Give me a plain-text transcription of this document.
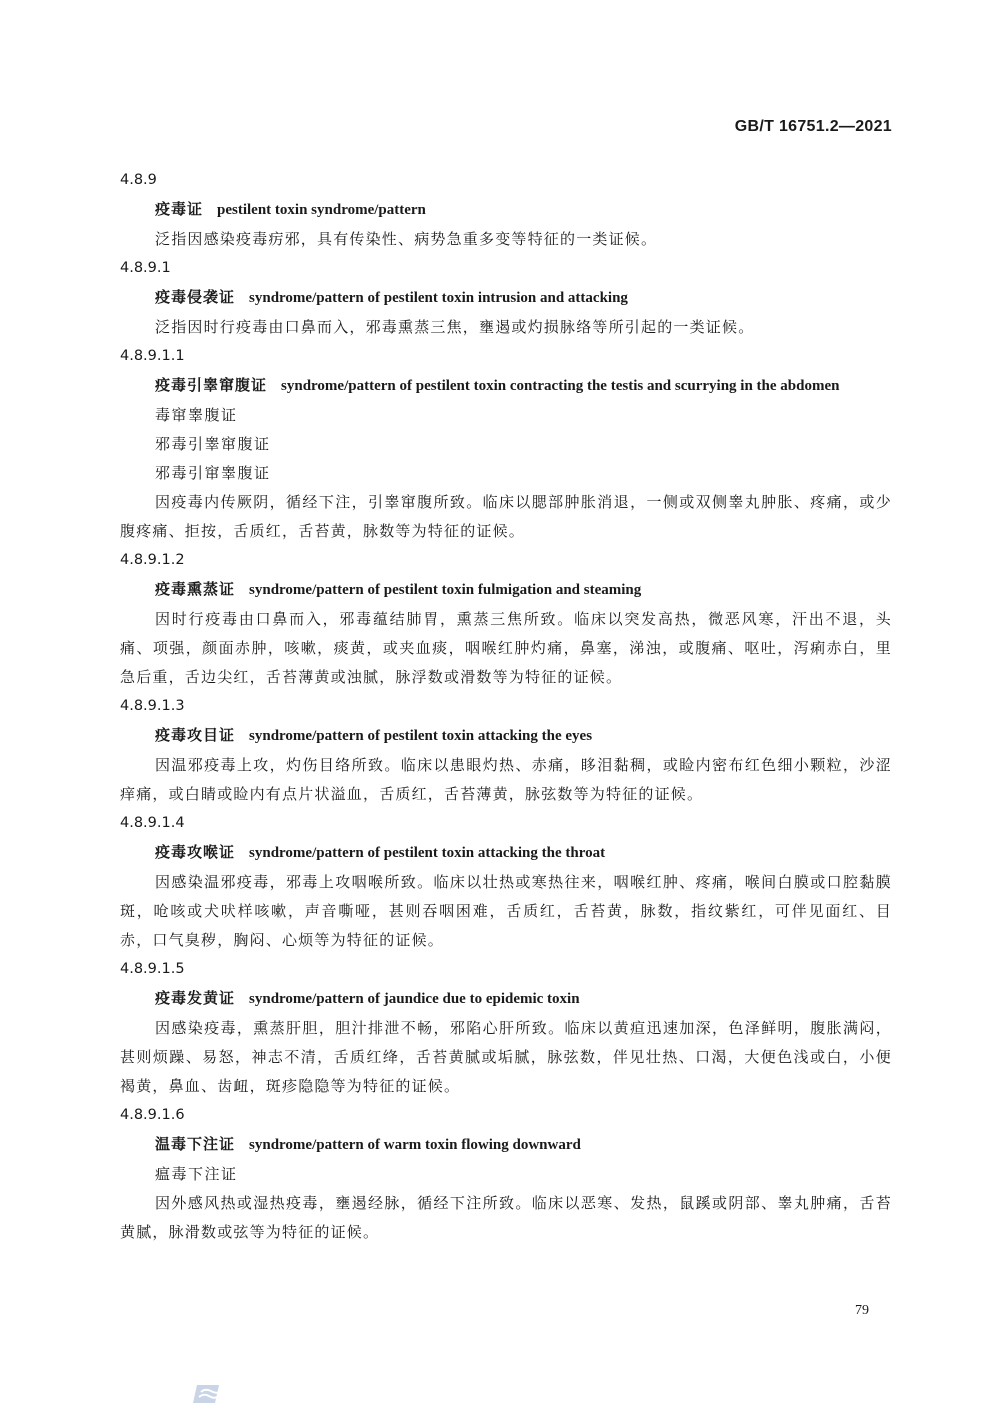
GB/T 16751.2—2021
4.8.9
疫毒证 pestilent toxin syndrome/pattern
泛指因感染疫毒疠邪，具有传染性、病势急重多变等特征的一类证候。
4.8.9.1
疫毒侵袭证 syndrome/pattern of pestilent toxin intrusion and attacking
泛指因时行疫毒由口鼻而入，邪毒熏蒸三焦，壅遏或灼损脉络等所引起的一类证候。
4.8.9.1.1
疫毒引睾窜腹证 syndrome/pattern of pestilent toxin contracting the testis and scurrying in the abdomen
毒窜睾腹证
邪毒引睾窜腹证
邪毒引窜睾腹证
因疫毒内传厥阴，循经下注，引睾窜腹所致。临床以腮部肿胀消退，一侧或双侧睾丸肿胀、疼痛，或少腹疼痛、拒按，舌质红，舌苔黄，脉数等为特征的证候。
4.8.9.1.2
疫毒熏蒸证 syndrome/pattern of pestilent toxin fulmigation and steaming
因时行疫毒由口鼻而入，邪毒蕴结肺胃，熏蒸三焦所致。临床以突发高热，微恶风寒，汗出不退，头痛、项强，颜面赤肿，咳嗽，痰黄，或夹血痰，咽喉红肿灼痛，鼻塞，涕浊，或腹痛、呕吐，泻痢赤白，里急后重，舌边尖红，舌苔薄黄或浊腻，脉浮数或滑数等为特征的证候。
4.8.9.1.3
疫毒攻目证 syndrome/pattern of pestilent toxin attacking the eyes
因温邪疫毒上攻，灼伤目络所致。临床以患眼灼热、赤痛，眵泪黏稠，或睑内密布红色细小颗粒，沙涩痒痛，或白睛或睑内有点片状溢血，舌质红，舌苔薄黄，脉弦数等为特征的证候。
4.8.9.1.4
疫毒攻喉证 syndrome/pattern of pestilent toxin attacking the throat
因感染温邪疫毒，邪毒上攻咽喉所致。临床以壮热或寒热往来，咽喉红肿、疼痛，喉间白膜或口腔黏膜斑，呛咳或犬吠样咳嗽，声音嘶哑，甚则吞咽困难，舌质红，舌苔黄，脉数，指纹紫红，可伴见面红、目赤，口气臭秽，胸闷、心烦等为特征的证候。
4.8.9.1.5
疫毒发黄证 syndrome/pattern of jaundice due to epidemic toxin
因感染疫毒，熏蒸肝胆，胆汁排泄不畅，邪陷心肝所致。临床以黄疸迅速加深，色泽鲜明，腹胀满闷，甚则烦躁、易怒，神志不清，舌质红绛，舌苔黄腻或垢腻，脉弦数，伴见壮热、口渴，大便色浅或白，小便褐黄，鼻血、齿衄，斑疹隐隐等为特征的证候。
4.8.9.1.6
温毒下注证 syndrome/pattern of warm toxin flowing downward
瘟毒下注证
因外感风热或湿热疫毒，壅遏经脉，循经下注所致。临床以恶寒、发热，鼠蹊或阴部、睾丸肿痛，舌苔黄腻，脉滑数或弦等为特征的证候。
79
